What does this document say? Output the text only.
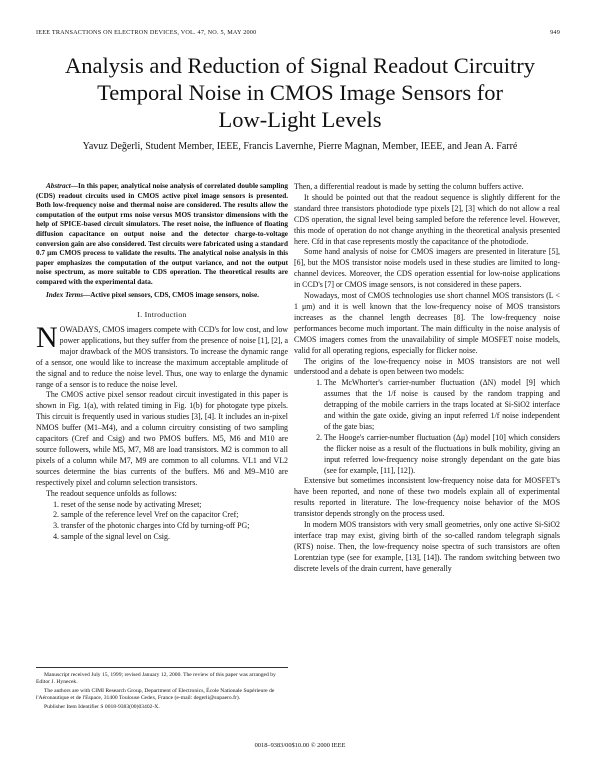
IEEE TRANSACTIONS ON ELECTRON DEVICES, VOL. 47, NO. 5, MAY 2000	949
Analysis and Reduction of Signal Readout Circuitry
Temporal Noise in CMOS Image Sensors for
Low-Light Levels
Yavuz Değerli, Student Member, IEEE, Francis Lavernhe, Pierre Magnan, Member, IEEE, and Jean A. Farré

Abstract—In this paper, analytical noise analysis of correlated double sampling (CDS) readout circuits used in CMOS active pixel image sensors is presented. Both low-frequency noise and thermal noise are considered. The results allow the computation of the output rms noise versus MOS transistor dimensions with the help of SPICE-based circuit simulators. The reset noise, the influence of floating diffusion capacitance on output noise and the detector charge-to-voltage conversion gain are also considered. Test circuits were fabricated using a standard 0.7 μm CMOS process to validate the results. The analytical noise analysis in this paper emphasizes the computation of the output variance, and not the output noise spectrum, as more suitable to CDS operation. The theoretical results are compared with the experimental data.

Index Terms—Active pixel sensors, CDS, CMOS image sensors, noise.

I. Introduction

NOWADAYS, CMOS imagers compete with CCD's for low cost, and low power applications, but they suffer from the presence of noise [1], [2], a major drawback of the MOS transistors. To increase the dynamic range of a sensor, one would like to increase the maximum acceptable amplitude of the signal and to reduce the noise level. Thus, one way to enlarge the dynamic range of a sensor is to reduce the noise level.

The CMOS active pixel sensor readout circuit investigated in this paper is shown in Fig. 1(a), with related timing in Fig. 1(b) for photogate type pixels. This circuit is frequently used in various studies [3], [4]. It includes an in-pixel NMOS buffer (M1–M4), and a column circuitry consisting of two sampling capacitors (Cref and Csig) and two PMOS buffers. M5, M6 and M10 are source followers, while M5, M7, M8 are load transistors. M2 is common to all pixels of a column while M7, M9 are common to all columns. VL1 and VL2 sources determine the bias currents of the buffers. M6 and M9–M10 are respectively pixel and column selection transistors.

The readout sequence unfolds as follows:

1. reset of the sense node by activating Mreset;
2. sample of the reference level Vref on the capacitor Cref;
3. transfer of the photonic charges into Cfd by turning-off PG;
4. sample of the signal level on Csig.

Manuscript received July 15, 1999; revised January 12, 2000. The review of this paper was arranged by Editor J. Hynecek.

The authors are with CIMI Research Group, Department of Electronics, École Nationale Supérieure de l'Aéronautique et de l'Espace, 31400 Toulouse Cedex, France (e-mail: degerli@supaero.fr).

Publisher Item Identifier S 0018-9383(00)03402-X.

Then, a differential readout is made by setting the column buffers active.

It should be pointed out that the readout sequence is slightly different for the standard three transistors photodiode type pixels [2], [3] which do not allow a real CDS operation, the signal level being sampled before the reference level. However, this mode of operation do not change anything in the theoretical analysis presented here. Cfd in that case represents mostly the capacitance of the photodiode.

Some hand analysis of noise for CMOS imagers are presented in literature [5], [6], but the MOS transistor noise models used in these studies are limited to long-channel devices. Moreover, the CDS operation essential for low-noise applications in CCD's [7] or CMOS image sensors, is not considered in these papers.

Nowadays, most of CMOS technologies use short channel MOS transistors (L < 1 μm) and it is well known that the low-frequency noise of MOS transistors increases as the channel length decreases [8]. The low-frequency noise performances become much important. The main difficulty in the noise analysis of CMOS imagers comes from the unavailability of simple MOSFET noise models, valid for all operating regions, especially for flicker noise.

The origins of the low-frequency noise in MOS transistors are not well understood and a debate is open between two models:

1. The McWhorter's carrier-number fluctuation (ΔN) model [9] which assumes that the 1/f noise is caused by the random trapping and detrapping of the mobile carriers in the traps located at Si-SiO2 interface and within the gate oxide, giving an input referred 1/f noise independent of the gate bias;
2. The Hooge's carrier-number fluctuation (Δμ) model [10] which considers the flicker noise as a result of the fluctuations in bulk mobility, giving an input referred low-frequency noise strongly dependant on the gate bias (see for example, [11], [12]).

Extensive but sometimes inconsistent low-frequency noise data for MOSFET's have been reported, and none of these two models explain all of experimental results reported in literature. The low-frequency noise behavior of the MOS transistor depends strongly on the process used.

In modern MOS transistors with very small geometries, only one active Si-SiO2 interface trap may exist, giving birth of the so-called random telegraph signals (RTS) noise. Then, the low-frequency noise spectra of such transistors are often Lorentzian type (see for example, [13], [14]). The random switching between two discrete levels of the drain current, have generally

0018–9383/00$10.00 © 2000 IEEE
